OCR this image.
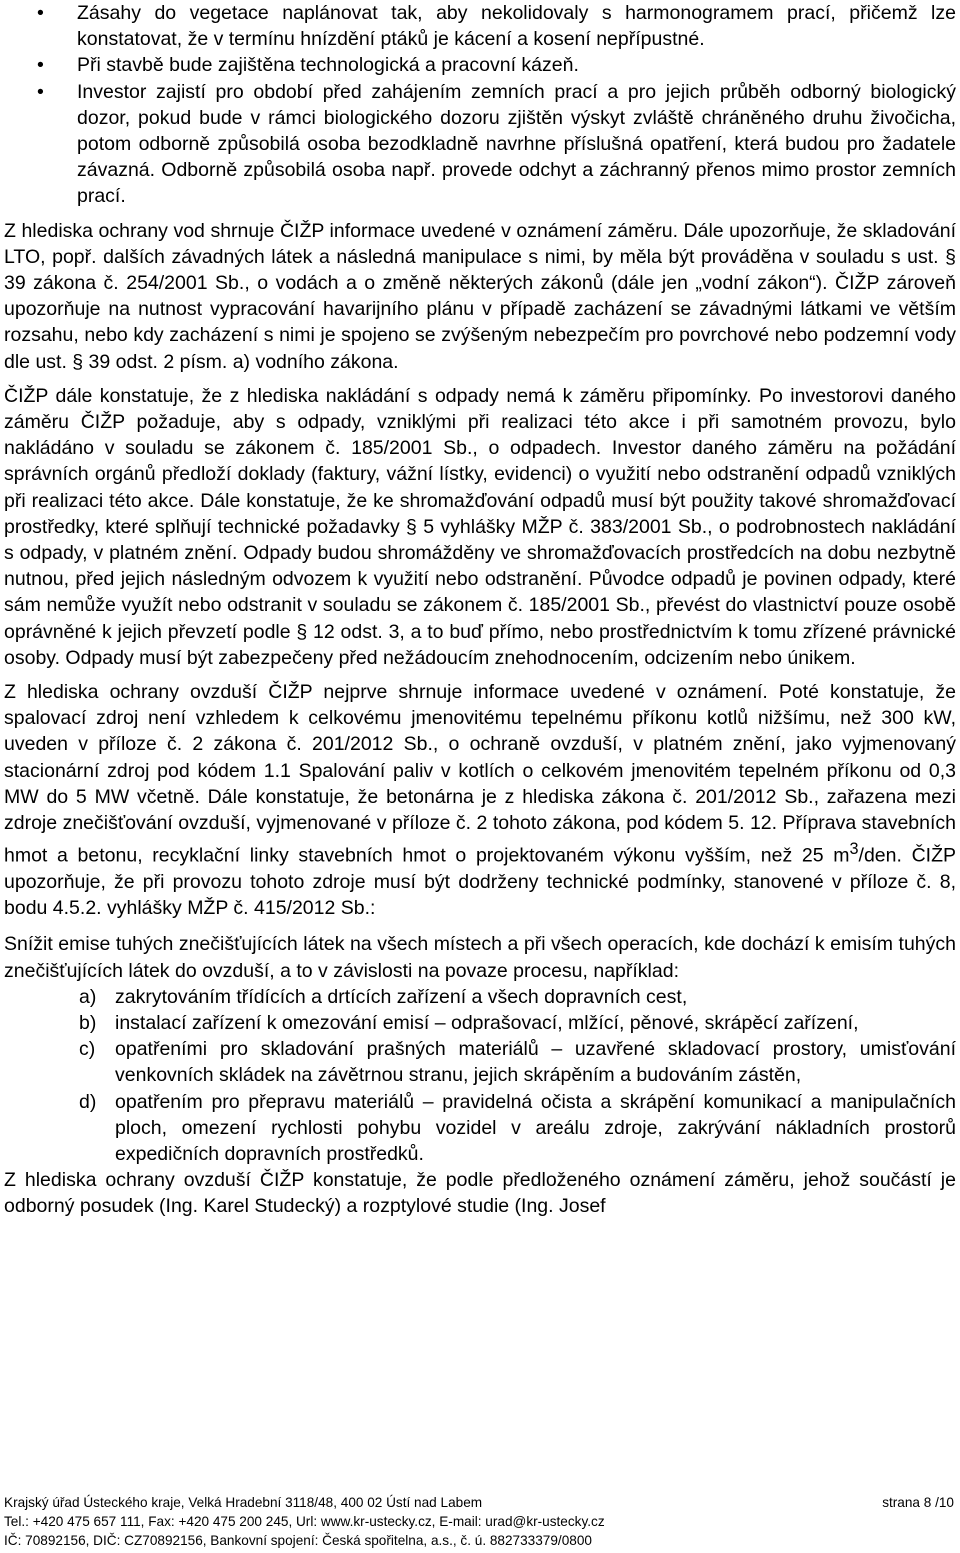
• Zásahy do vegetace naplánovat tak, aby nekolidovaly s harmonogramem prací, přičemž lze konstatovat, že v termínu hnízdění ptáků je kácení a kosení nepřípustné.
• Při stavbě bude zajištěna technologická a pracovní kázeň.
• Investor zajistí pro období před zahájením zemních prací a pro jejich průběh odborný biologický dozor, pokud bude v rámci biologického dozoru zjištěn výskyt zvláště chráněného druhu živočicha, potom odborně způsobilá osoba bezodkladně navrhne příslušná opatření, která budou pro žadatele závazná. Odborně způsobilá osoba např. provede odchyt a záchranný přenos mimo prostor zemních prací.

Z hlediska ochrany vod shrnuje ČIŽP informace uvedené v oznámení záměru. Dále upozorňuje, že skladování LTO, popř. dalších závadných látek a následná manipulace s nimi, by měla být prováděna v souladu s ust. § 39 zákona č. 254/2001 Sb., o vodách a o změně některých zákonů (dále jen „vodní zákon“). ČIŽP zároveň upozorňuje na nutnost vypracování havarijního plánu v případě zacházení se závadnými látkami ve větším rozsahu, nebo kdy zacházení s nimi je spojeno se zvýšeným nebezpečím pro povrchové nebo podzemní vody dle ust. § 39 odst. 2 písm. a) vodního zákona.

ČIŽP dále konstatuje, že z hlediska nakládání s odpady nemá k záměru připomínky. Po investorovi daného záměru ČIŽP požaduje, aby s odpady, vzniklými při realizaci této akce i při samotném provozu, bylo nakládáno v souladu se zákonem č. 185/2001 Sb., o odpadech. Investor daného záměru na požádání správních orgánů předloží doklady (faktury, vážní lístky, evidenci) o využití nebo odstranění odpadů vzniklých při realizaci této akce. Dále konstatuje, že ke shromažďování odpadů musí být použity takové shromažďovací prostředky, které splňují technické požadavky § 5 vyhlášky MŽP č. 383/2001 Sb., o podrobnostech nakládání s odpady, v platném znění. Odpady budou shromážděny ve shromažďovacích prostředcích na dobu nezbytně nutnou, před jejich následným odvozem k využití nebo odstranění. Původce odpadů je povinen odpady, které sám nemůže využít nebo odstranit v souladu se zákonem č. 185/2001 Sb., převést do vlastnictví pouze osobě oprávněné k jejich převzetí podle § 12 odst. 3, a to buď přímo, nebo prostřednictvím k tomu zřízené právnické osoby. Odpady musí být zabezpečeny před nežádoucím znehodnocením, odcizením nebo únikem.

Z hlediska ochrany ovzduší ČIŽP nejprve shrnuje informace uvedené v oznámení. Poté konstatuje, že spalovací zdroj není vzhledem k celkovému jmenovitému tepelnému příkonu kotlů nižšímu, než 300 kW, uveden v příloze č. 2 zákona č. 201/2012 Sb., o ochraně ovzduší, v platném znění, jako vyjmenovaný stacionární zdroj pod kódem 1.1 Spalování paliv v kotlích o celkovém jmenovitém tepelném příkonu od 0,3 MW do 5 MW včetně. Dále konstatuje, že betonárna je z hlediska zákona č. 201/2012 Sb., zařazena mezi zdroje znečišťování ovzduší, vyjmenované v příloze č. 2 tohoto zákona, pod kódem 5. 12. Příprava stavebních hmot a betonu, recyklační linky stavebních hmot o projektovaném výkonu vyšším, než 25 $m^3$/den. ČIŽP upozorňuje, že při provozu tohoto zdroje musí být dodrženy technické podmínky, stanovené v příloze č. 8, bodu 4.5.2. vyhlášky MŽP č. 415/2012 Sb.:

Snížit emise tuhých znečišťujících látek na všech místech a při všech operacích, kde dochází k emisím tuhých znečišťujících látek do ovzduší, a to v závislosti na povaze procesu, například:

a) zakrytováním třídících a drtících zařízení a všech dopravních cest,
b) instalací zařízení k omezování emisí – odprašovací, mlžící, pěnové, skrápěcí zařízení,
c) opatřeními pro skladování prašných materiálů – uzavřené skladovací prostory, umisťování venkovních skládek na závětrnou stranu, jejich skrápěním a budováním zástěn,
d) opatřením pro přepravu materiálů – pravidelná očista a skrápění komunikací a manipulačních ploch, omezení rychlosti pohybu vozidel v areálu zdroje, zakrývání nákladních prostorů expedičních dopravních prostředků.

Z hlediska ochrany ovzduší ČIŽP konstatuje, že podle předloženého oznámení záměru, jehož součástí je odborný posudek (Ing. Karel Studecký) a rozptylové studie (Ing. Josef

Krajský úřad Ústeckého kraje, Velká Hradební 3118/48, 400 02 Ústí nad Labem	strana 8 /10
Tel.: +420 475 657 111, Fax: +420 475 200 245, Url: www.kr-ustecky.cz, E-mail: urad@kr-ustecky.cz
IČ: 70892156, DIČ: CZ70892156, Bankovní spojení: Česká spořitelna, a.s., č. ú. 882733379/0800
